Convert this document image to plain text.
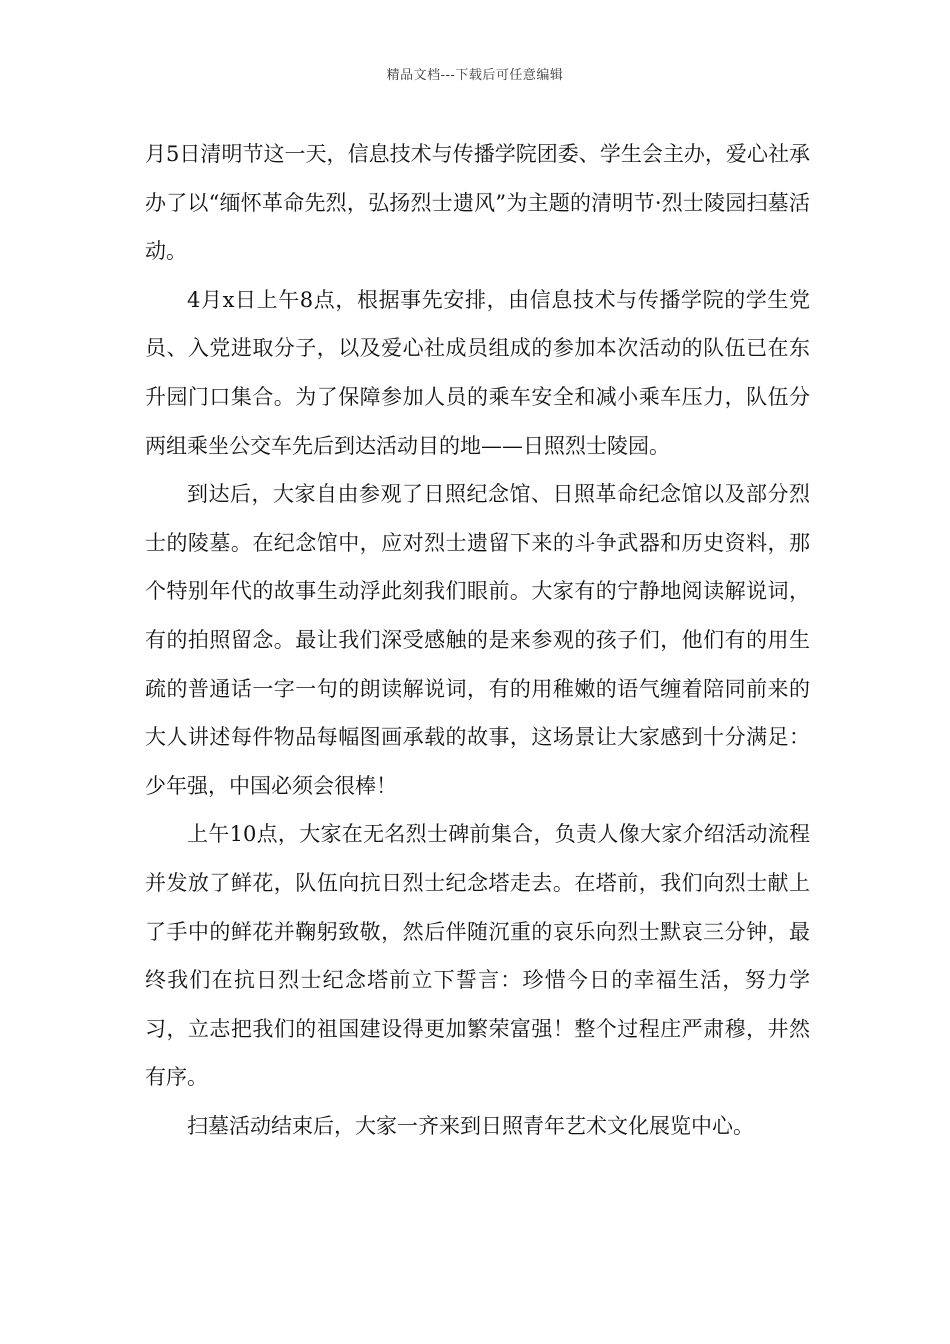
精品文档---下载后可任意编辑

月5日清明节这一天，信息技术与传播学院团委、学生会主办，爱心社承办了以“缅怀革命先烈，弘扬烈士遗风”为主题的清明节·烈士陵园扫墓活动。

4月x日上午8点，根据事先安排，由信息技术与传播学院的学生党员、入党进取分子，以及爱心社成员组成的参加本次活动的队伍已在东升园门口集合。为了保障参加人员的乘车安全和减小乘车压力，队伍分两组乘坐公交车先后到达活动目的地——日照烈士陵园。

到达后，大家自由参观了日照纪念馆、日照革命纪念馆以及部分烈士的陵墓。在纪念馆中，应对烈士遗留下来的斗争武器和历史资料，那个特别年代的故事生动浮此刻我们眼前。大家有的宁静地阅读解说词，有的拍照留念。最让我们深受感触的是来参观的孩子们，他们有的用生疏的普通话一字一句的朗读解说词，有的用稚嫩的语气缠着陪同前来的大人讲述每件物品每幅图画承载的故事，这场景让大家感到十分满足：少年强，中国必须会很棒！

上午10点，大家在无名烈士碑前集合，负责人像大家介绍活动流程并发放了鲜花，队伍向抗日烈士纪念塔走去。在塔前，我们向烈士献上了手中的鲜花并鞠躬致敬，然后伴随沉重的哀乐向烈士默哀三分钟，最终我们在抗日烈士纪念塔前立下誓言：珍惜今日的幸福生活，努力学习，立志把我们的祖国建设得更加繁荣富强！整个过程庄严肃穆，井然有序。

扫墓活动结束后，大家一齐来到日照青年艺术文化展览中心。
